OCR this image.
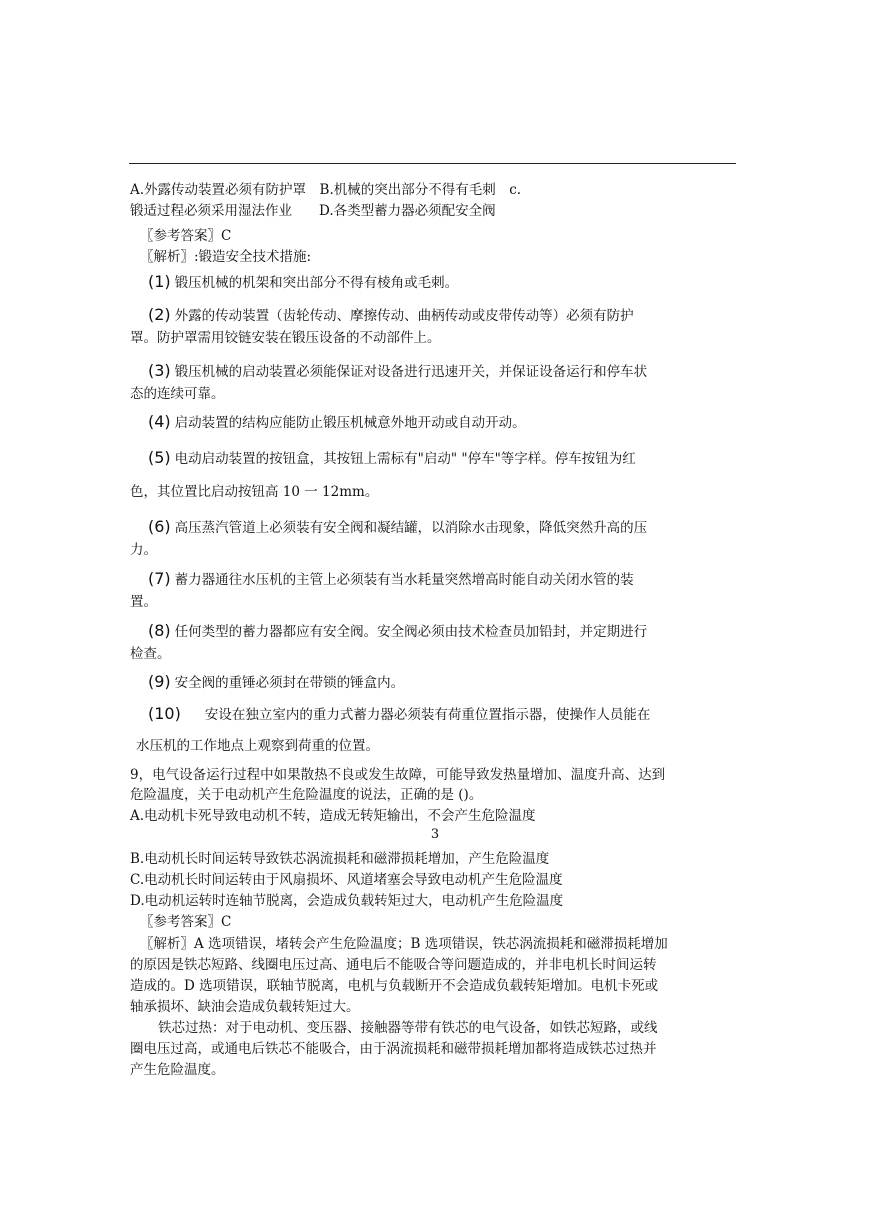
A.外露传动装置必须有防护罩　B.机械的突出部分不得有毛刺　c.
锻适过程必须采用湿法作业　　D.各类型蓄力器必须配安全阀
〖参考答案〗C
〖解析〗:锻造安全技术措施:
(1) 锻压机械的机架和突出部分不得有棱角或毛刺。
(2) 外露的传动装置（齿轮传动、摩擦传动、曲柄传动或皮带传动等）必须有防护
罩。防护罩需用铰链安装在锻压设备的不动部件上。
(3) 锻压机械的启动装置必须能保证对设备进行迅速开关，并保证设备运行和停车状
态的连续可靠。
(4) 启动装置的结构应能防止锻压机械意外地开动或自动开动。
(5) 电动启动装置的按钮盒，其按钮上需标有"启动" "停车"等字样。停车按钮为红
色，其位置比启动按钮高 10 一 12mm。
(6) 高压蒸汽管道上必须装有安全阀和凝结罐，以消除水击现象，降低突然升高的压
力。
(7) 蓄力器通往水压机的主管上必须装有当水耗量突然增高时能自动关闭水管的装
置。
(8) 任何类型的蓄力器都应有安全阀。安全阀必须由技术检查员加铅封，并定期进行
检查。
(9) 安全阀的重锤必须封在带锁的锤盒内。
(10) 安设在独立室内的重力式蓄力器必须装有荷重位置指示器，使操作人员能在
水压机的工作地点上观察到荷重的位置。
9，电气设备运行过程中如果散热不良或发生故障，可能导致发热量增加、温度升高、达到
危险温度，关于电动机产生危险温度的说法，正确的是 ()。
A.电动机卡死导致电动机不转，造成无转矩输出，不会产生危险温度
3
B.电动机长时间运转导致铁芯涡流损耗和磁滞损耗增加，产生危险温度
C.电动机长时间运转由于风扇损坏、风道堵塞会导致电动机产生危险温度
D.电动机运转时连轴节脱离，会造成负载转矩过大，电动机产生危险温度
〖参考答案〗C
〖解析〗A 选项错误，堵转会产生危险温度；B 选项错误，铁芯涡流损耗和磁滞损耗增加
的原因是铁芯短路、线圈电压过高、通电后不能吸合等问题造成的，并非电机长时间运转
造成的。D 选项错误，联轴节脱离，电机与负载断开不会造成负载转矩增加。电机卡死或
轴承损坏、缺油会造成负载转矩过大。
铁芯过热：对于电动机、变压器、接触器等带有铁芯的电气设备，如铁芯短路，或线
圈电压过高，或通电后铁芯不能吸合，由于涡流损耗和磁带损耗增加都将造成铁芯过热并
产生危险温度。
